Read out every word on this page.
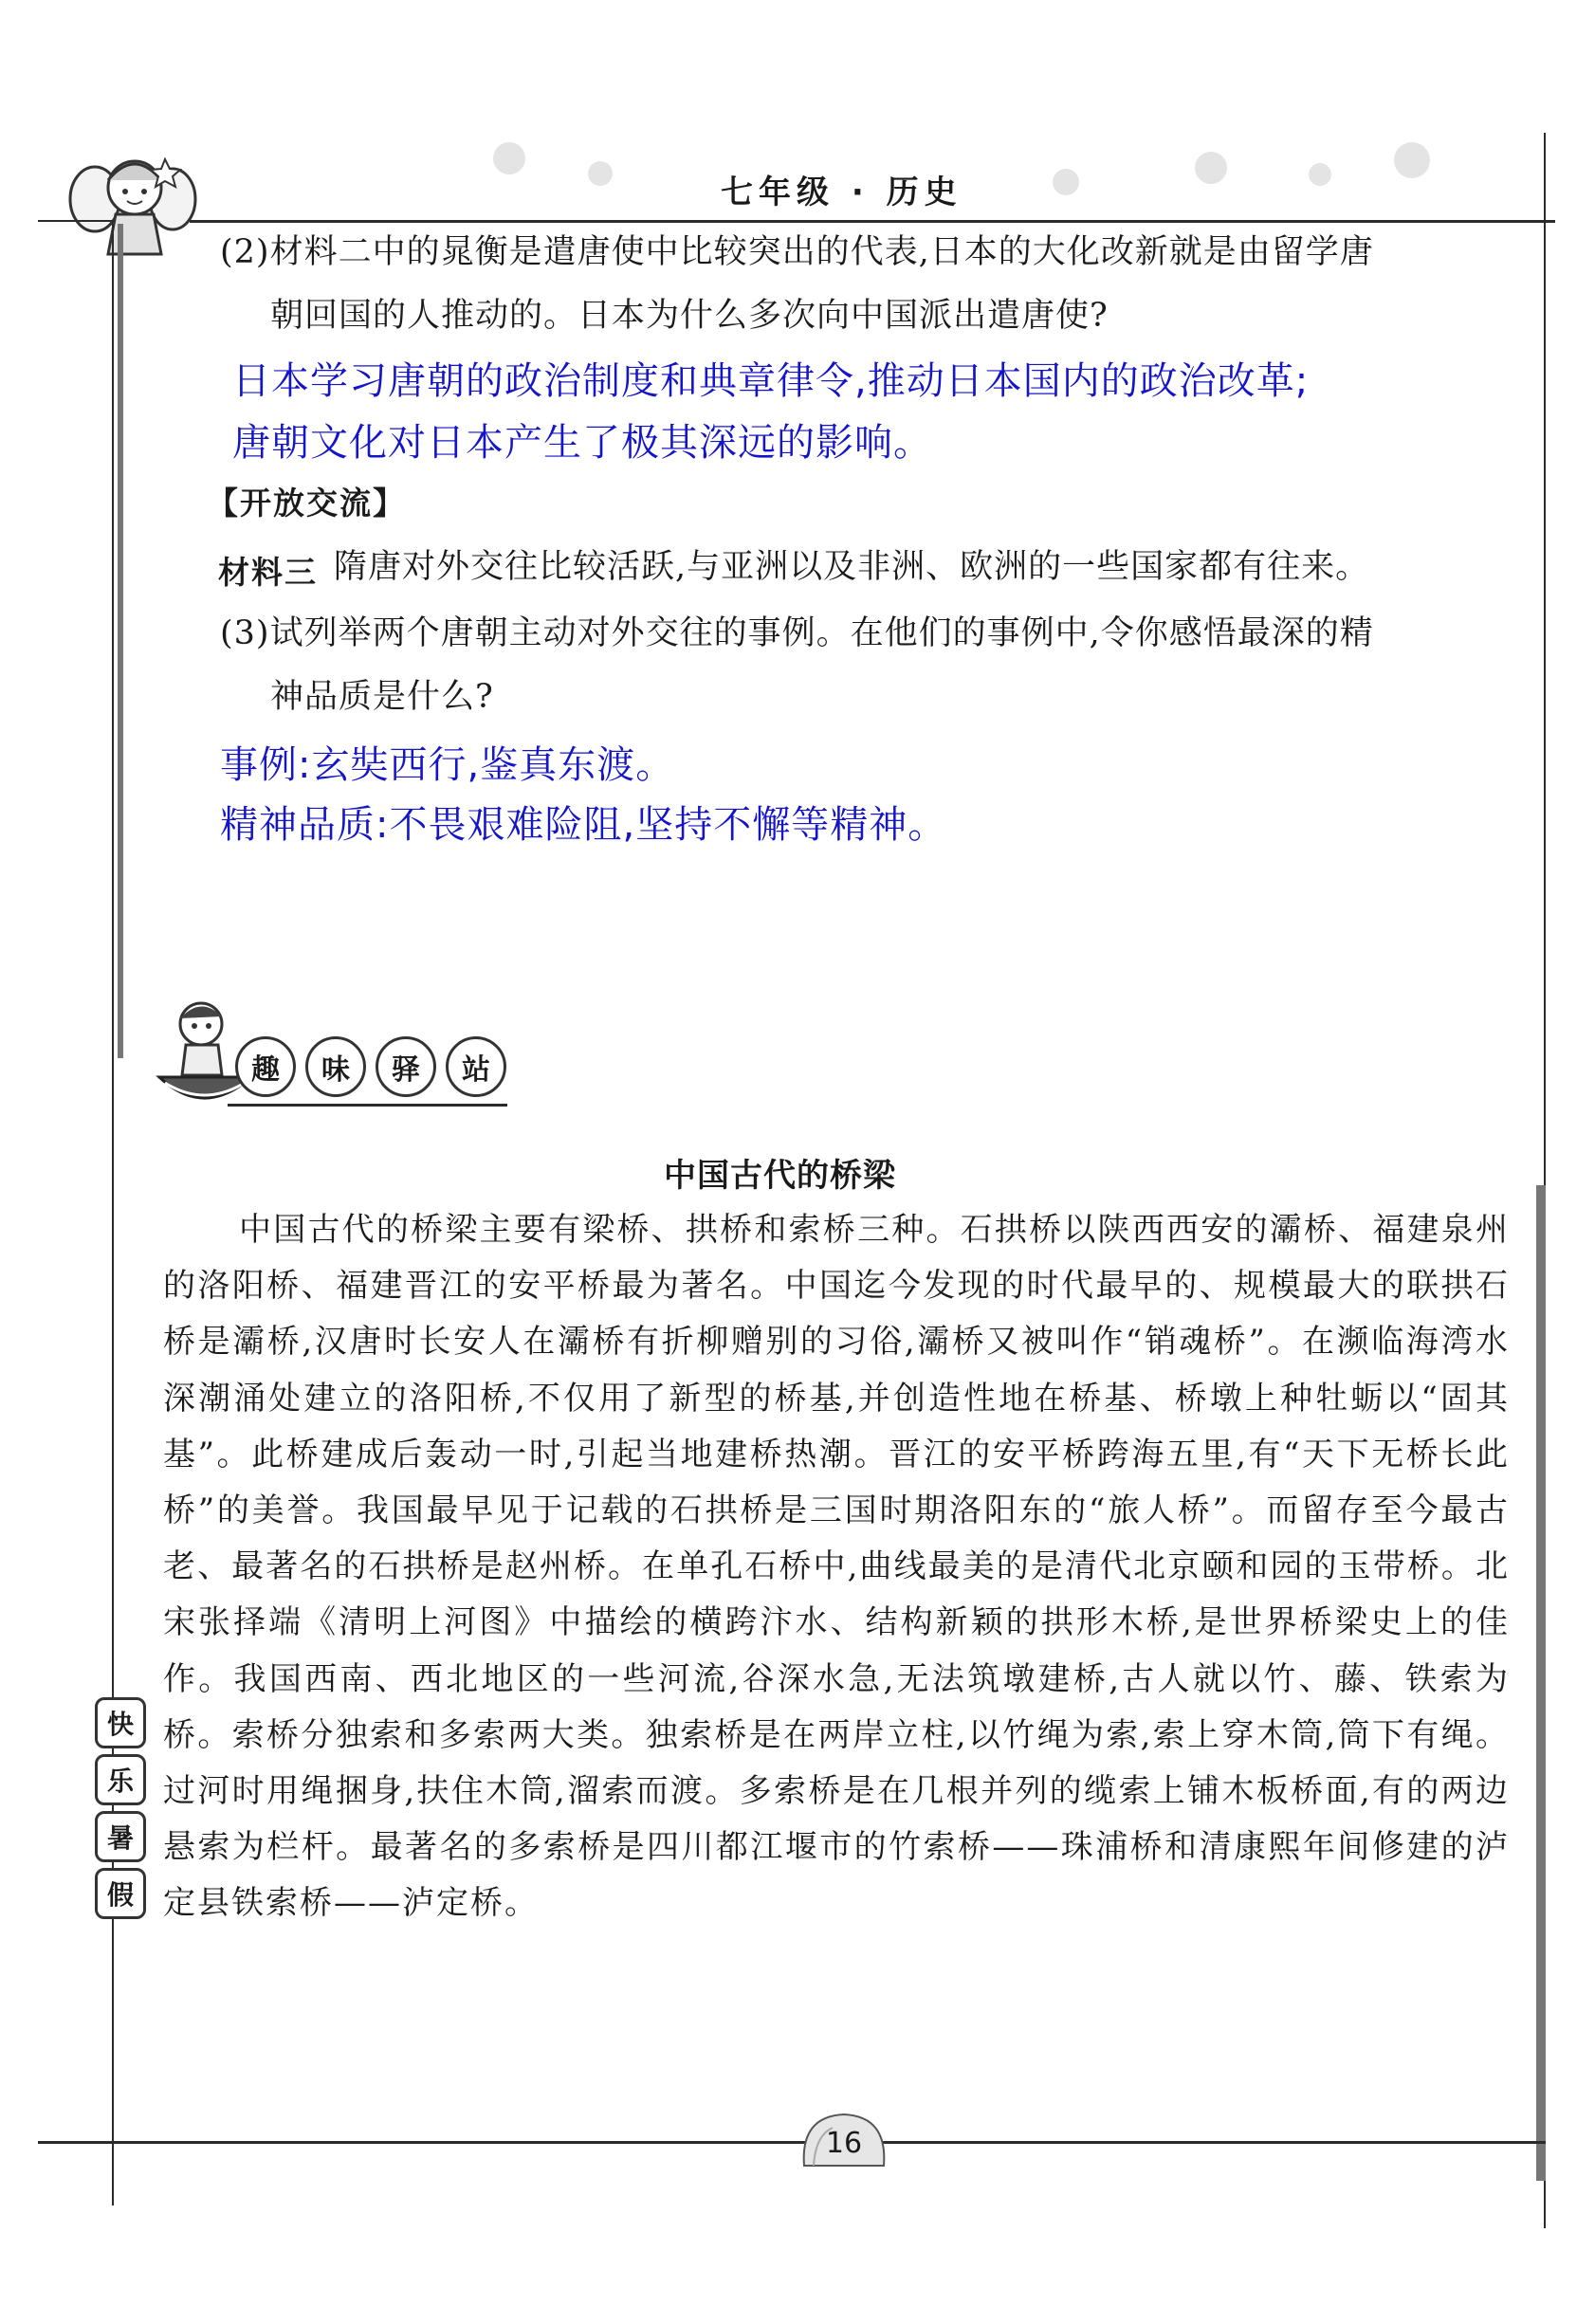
七年级 · 历史
(2)材料二中的晁衡是遣唐使中比较突出的代表,日本的大化改新就是由留学唐
朝回国的人推动的。日本为什么多次向中国派出遣唐使?
日本学习唐朝的政治制度和典章律令,推动日本国内的政治改革;
唐朝文化对日本产生了极其深远的影响。
【开放交流】
材料三 隋唐对外交往比较活跃,与亚洲以及非洲、欧洲的一些国家都有往来。
(3)试列举两个唐朝主动对外交往的事例。在他们的事例中,令你感悟最深的精
神品质是什么?
事例:玄奘西行,鉴真东渡。
精神品质:不畏艰难险阻,坚持不懈等精神。
趣	味	驿	站
中国古代的桥梁
中国古代的桥梁主要有梁桥、拱桥和索桥三种。石拱桥以陕西西安的灞桥、福建泉州的洛阳桥、福建晋江的安平桥最为著名。中国迄今发现的时代最早的、规模最大的联拱石桥是灞桥,汉唐时长安人在灞桥有折柳赠别的习俗,灞桥又被叫作“销魂桥”。在濒临海湾水深潮涌处建立的洛阳桥,不仅用了新型的桥基,并创造性地在桥基、桥墩上种牡蛎以“固其基”。此桥建成后轰动一时,引起当地建桥热潮。晋江的安平桥跨海五里,有“天下无桥长此桥”的美誉。我国最早见于记载的石拱桥是三国时期洛阳东的“旅人桥”。而留存至今最古老、最著名的石拱桥是赵州桥。在单孔石桥中,曲线最美的是清代北京颐和园的玉带桥。北宋张择端《清明上河图》中描绘的横跨汴水、结构新颖的拱形木桥,是世界桥梁史上的佳作。我国西南、西北地区的一些河流,谷深水急,无法筑墩建桥,古人就以竹、藤、铁索为桥。索桥分独索和多索两大类。独索桥是在两岸立柱,以竹绳为索,索上穿木筒,筒下有绳。过河时用绳捆身,扶住木筒,溜索而渡。多索桥是在几根并列的缆索上铺木板桥面,有的两边悬索为栏杆。最著名的多索桥是四川都江堰市的竹索桥——珠浦桥和清康熙年间修建的泸定县铁索桥——泸定桥。
快
乐
暑
假
16
